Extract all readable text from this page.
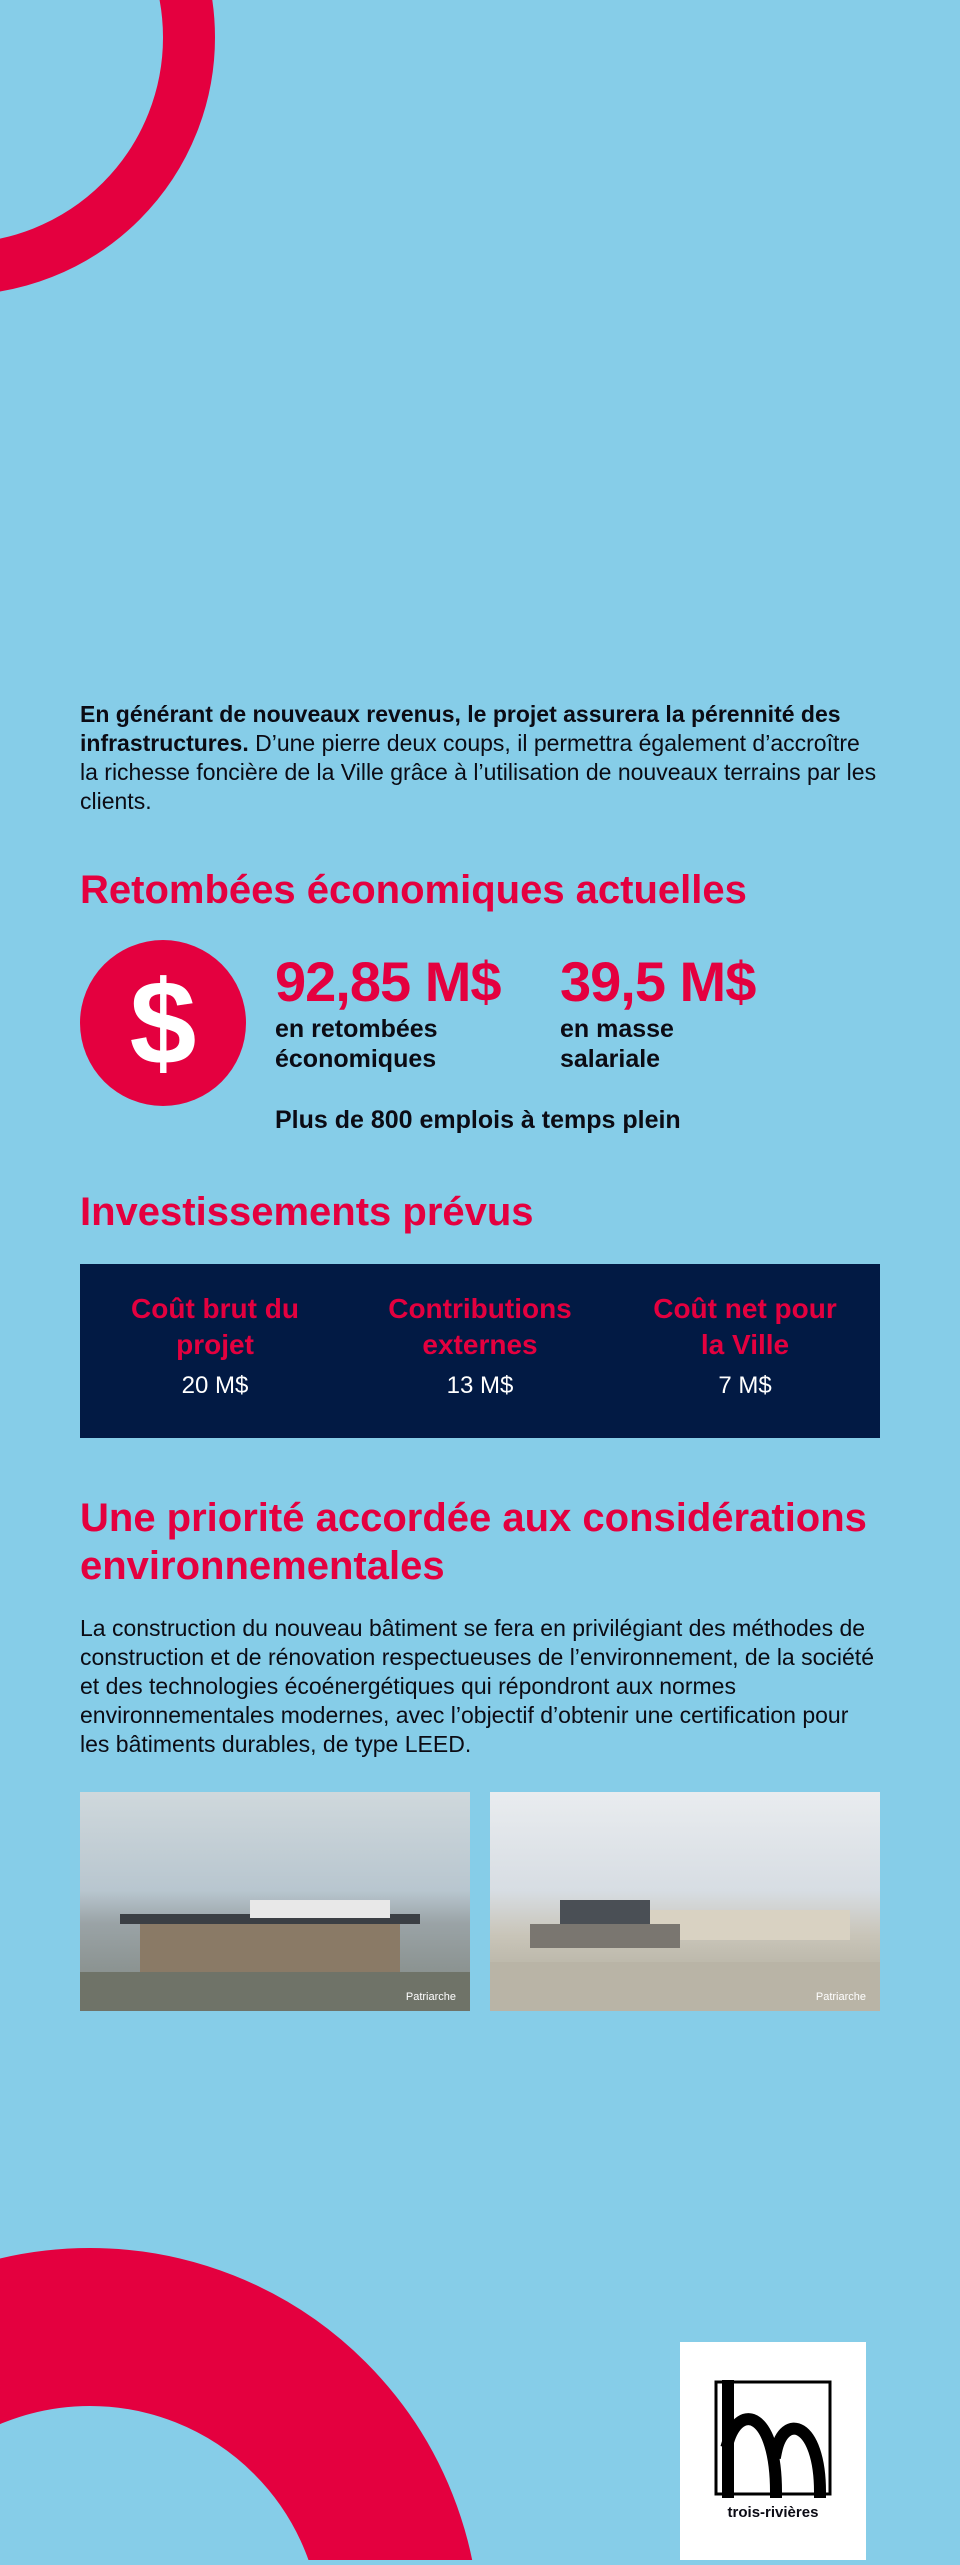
En générant de nouveaux revenus, le projet assurera la pérennité des infrastructures. D’une pierre deux coups, il permettra également d’accroître la richesse foncière de la Ville grâce à l’utilisation de nouveaux terrains par les clients.
Retombées économiques actuelles
$	92,85 M$
en retombées
économiques
39,5 M$
en masse
salariale
Plus de 800 emplois à temps plein
Investissements prévus
Coût brut du
projet
20 M$
Contributions
externes
13 M$
Coût net pour
la Ville
7 M$
Une priorité accordée aux considérations
environnementales
La construction du nouveau bâtiment se fera en privilégiant des méthodes de construction et de rénovation respectueuses de l’environnement, de la société et des technologies écoénergétiques qui répondront aux normes environnementales modernes, avec l’objectif d’obtenir une certification pour les bâtiments durables, de type LEED.
Patriarche	Patriarche
trois-rivières
